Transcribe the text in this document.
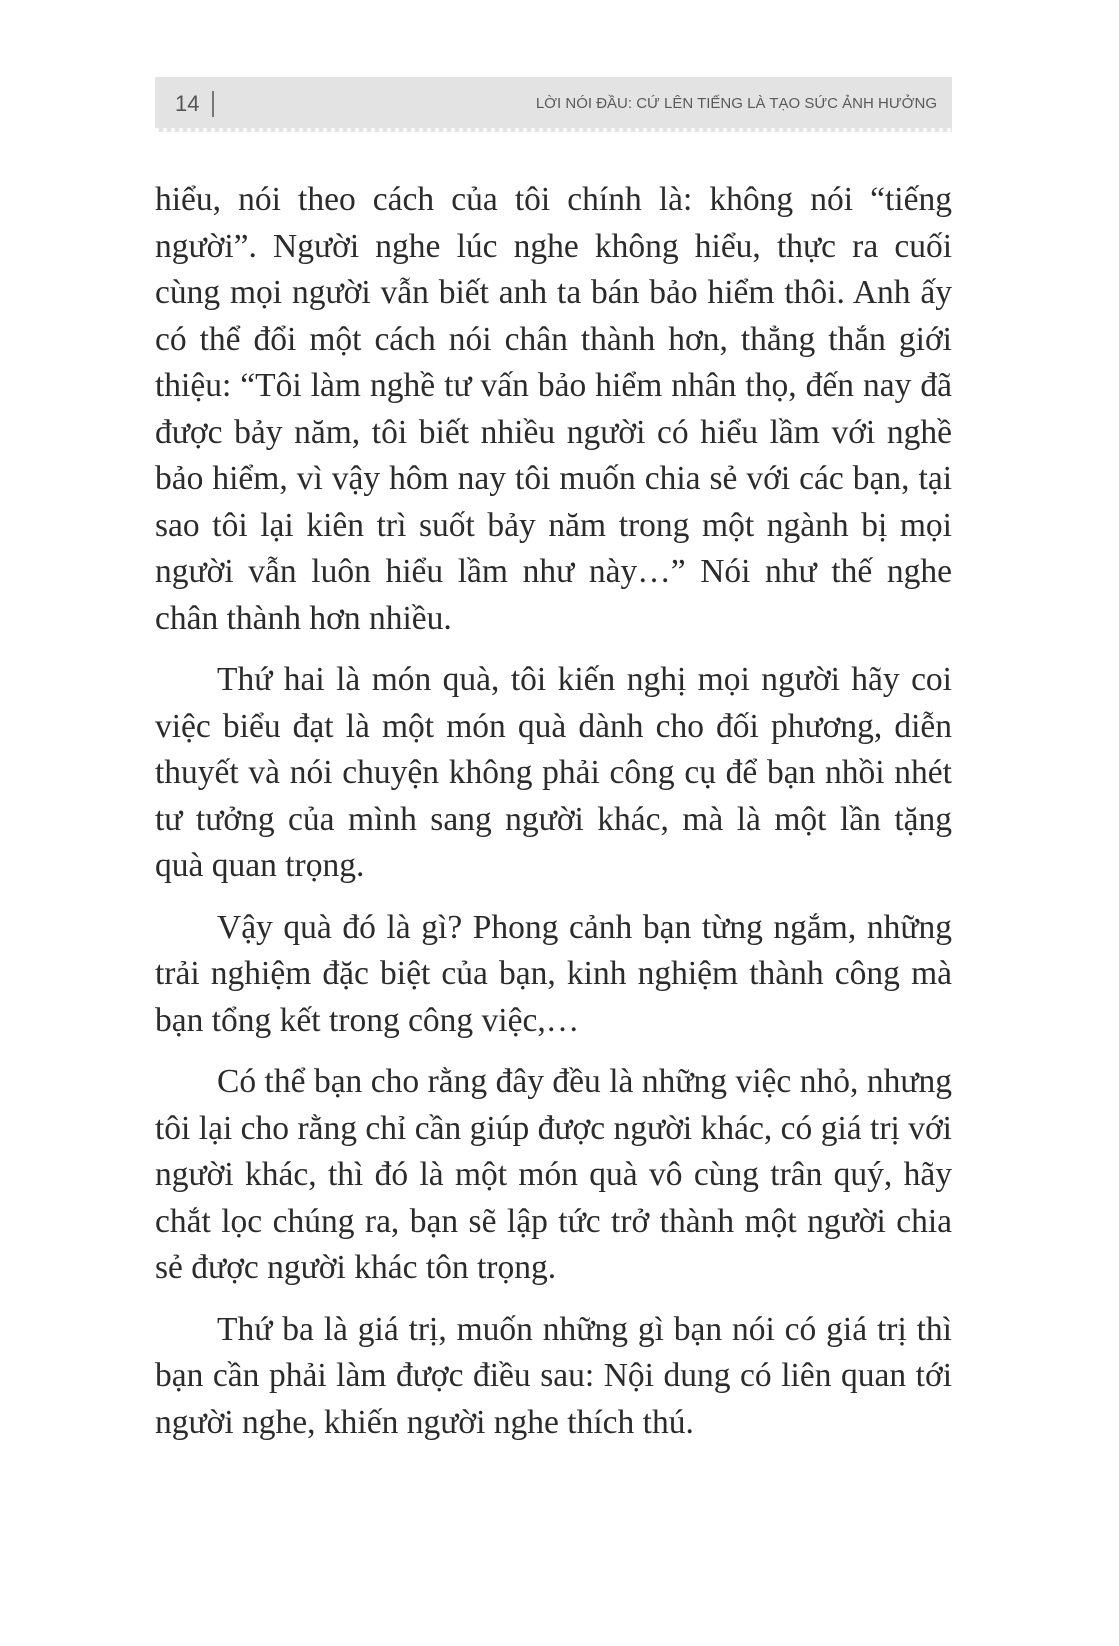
14	LỜI NÓI ĐẦU: CỨ LÊN TIẾNG LÀ TẠO SỨC ẢNH HƯỞNG

hiểu, nói theo cách của tôi chính là: không nói “tiếng người”. Người nghe lúc nghe không hiểu, thực ra cuối cùng mọi người vẫn biết anh ta bán bảo hiểm thôi. Anh ấy có thể đổi một cách nói chân thành hơn, thẳng thắn giới thiệu: “Tôi làm nghề tư vấn bảo hiểm nhân thọ, đến nay đã được bảy năm, tôi biết nhiều người có hiểu lầm với nghề bảo hiểm, vì vậy hôm nay tôi muốn chia sẻ với các bạn, tại sao tôi lại kiên trì suốt bảy năm trong một ngành bị mọi người vẫn luôn hiểu lầm như này…” Nói như thế nghe chân thành hơn nhiều.

Thứ hai là món quà, tôi kiến nghị mọi người hãy coi việc biểu đạt là một món quà dành cho đối phương, diễn thuyết và nói chuyện không phải công cụ để bạn nhồi nhét tư tưởng của mình sang người khác, mà là một lần tặng quà quan trọng.

Vậy quà đó là gì? Phong cảnh bạn từng ngắm, những trải nghiệm đặc biệt của bạn, kinh nghiệm thành công mà bạn tổng kết trong công việc,…

Có thể bạn cho rằng đây đều là những việc nhỏ, nhưng tôi lại cho rằng chỉ cần giúp được người khác, có giá trị với người khác, thì đó là một món quà vô cùng trân quý, hãy chắt lọc chúng ra, bạn sẽ lập tức trở thành một người chia sẻ được người khác tôn trọng.

Thứ ba là giá trị, muốn những gì bạn nói có giá trị thì bạn cần phải làm được điều sau: Nội dung có liên quan tới người nghe, khiến người nghe thích thú.
